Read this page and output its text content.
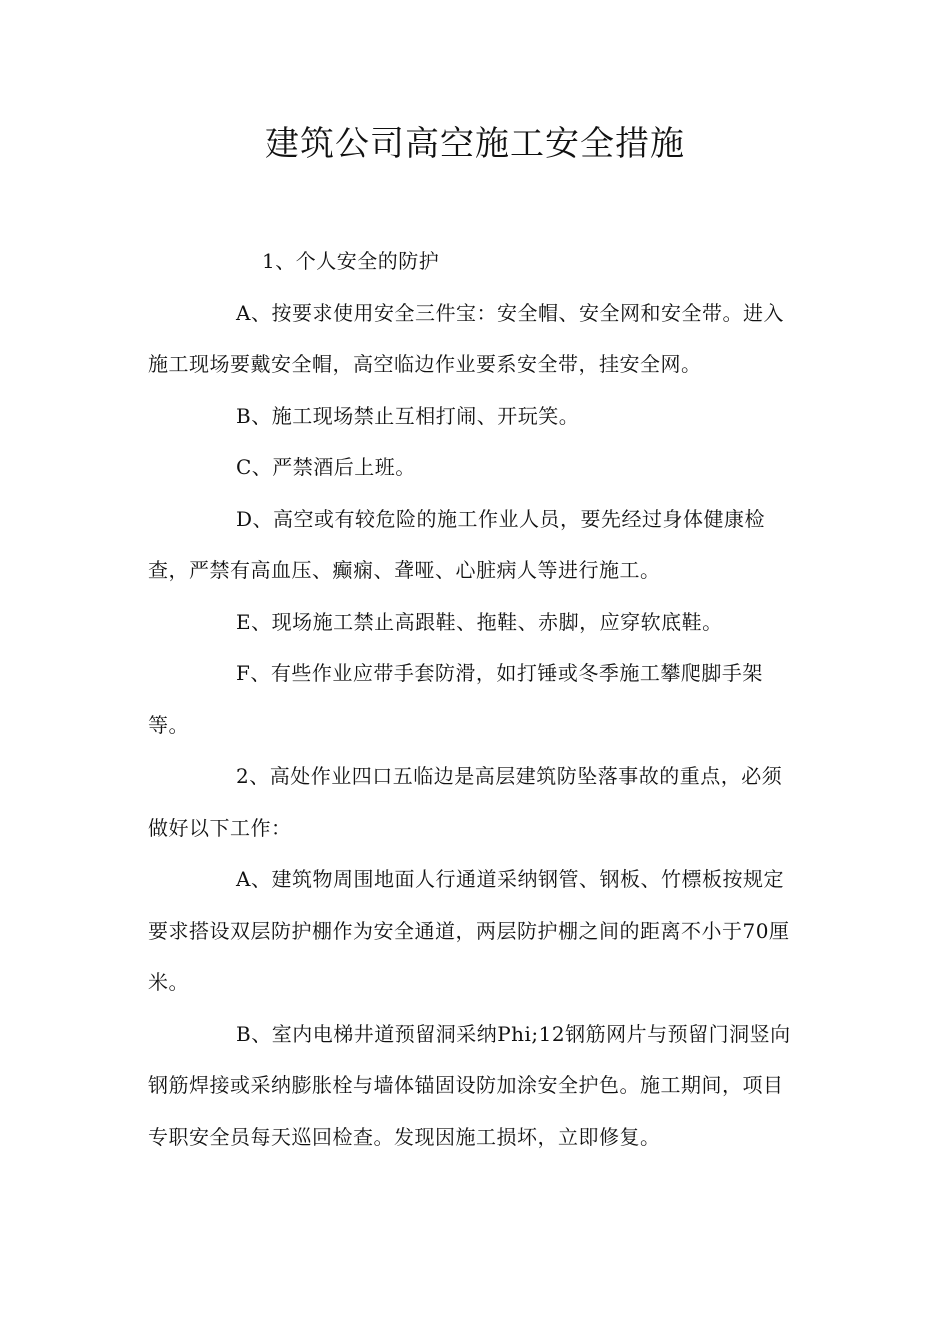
建筑公司高空施工安全措施

1、个人安全的防护

A、按要求使用安全三件宝：安全帽、安全网和安全带。进入施工现场要戴安全帽，高空临边作业要系安全带，挂安全网。

B、施工现场禁止互相打闹、开玩笑。

C、严禁酒后上班。

D、高空或有较危险的施工作业人员，要先经过身体健康检查，严禁有高血压、癫痫、聋哑、心脏病人等进行施工。

E、现场施工禁止高跟鞋、拖鞋、赤脚，应穿软底鞋。

F、有些作业应带手套防滑，如打锤或冬季施工攀爬脚手架等。

2、高处作业四口五临边是高层建筑防坠落事故的重点，必须做好以下工作：

A、建筑物周围地面人行通道采纳钢管、钢板、竹標板按规定要求搭设双层防护棚作为安全通道，两层防护棚之间的距离不小于70厘米。

B、室内电梯井道预留洞采纳Phi;12钢筋网片与预留门洞竖向钢筋焊接或采纳膨胀栓与墙体锚固设防加涂安全护色。施工期间，项目专职安全员每天巡回检查。发现因施工损坏，立即修复。
